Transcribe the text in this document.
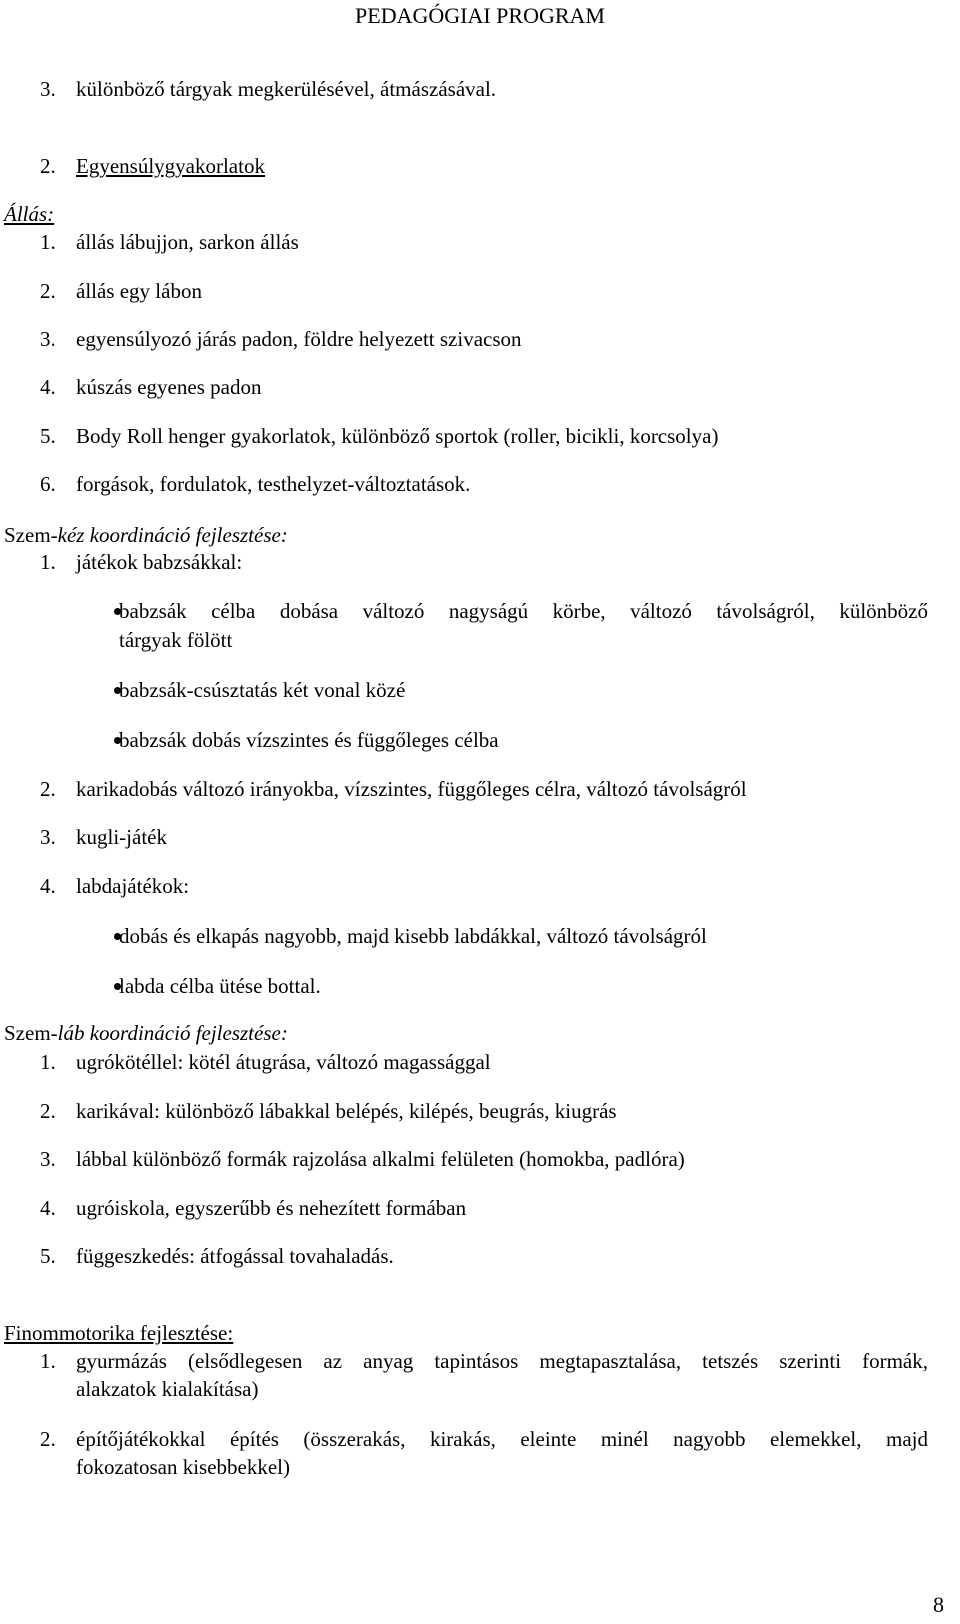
PEDAGÓGIAI PROGRAM
3. különböző tárgyak megkerülésével, átmászásával.
2. Egyensúlygyakorlatok
Állás:
1. állás lábujjon, sarkon állás
2. állás egy lábon
3. egyensúlyozó járás padon, földre helyezett szivacson
4. kúszás egyenes padon
5. Body Roll henger gyakorlatok, különböző sportok (roller, bicikli, korcsolya)
6. forgások, fordulatok, testhelyzet-változtatások.
Szem-kéz koordináció fejlesztése:
1. játékok babzsákkal:
babzsák célba dobása változó nagyságú körbe, változó távolságról, különböző
tárgyak fölött
babzsák-csúsztatás két vonal közé
babzsák dobás vízszintes és függőleges célba
2. karikadobás változó irányokba, vízszintes, függőleges célra, változó távolságról
3. kugli-játék
4. labdajátékok:
dobás és elkapás nagyobb, majd kisebb labdákkal, változó távolságról
labda célba ütése bottal.
Szem-láb koordináció fejlesztése:
1. ugrókötéllel: kötél átugrása, változó magassággal
2. karikával: különböző lábakkal belépés, kilépés, beugrás, kiugrás
3. lábbal különböző formák rajzolása alkalmi felületen (homokba, padlóra)
4. ugróiskola, egyszerűbb és nehezített formában
5. függeszkedés: átfogással tovahaladás.
Finommotorika fejlesztése:
1. gyurmázás (elsődlegesen az anyag tapintásos megtapasztalása, tetszés szerinti formák,
alakzatok kialakítása)
2. építőjátékokkal építés (összerakás, kirakás, eleinte minél nagyobb elemekkel, majd
fokozatosan kisebbekkel)
8
